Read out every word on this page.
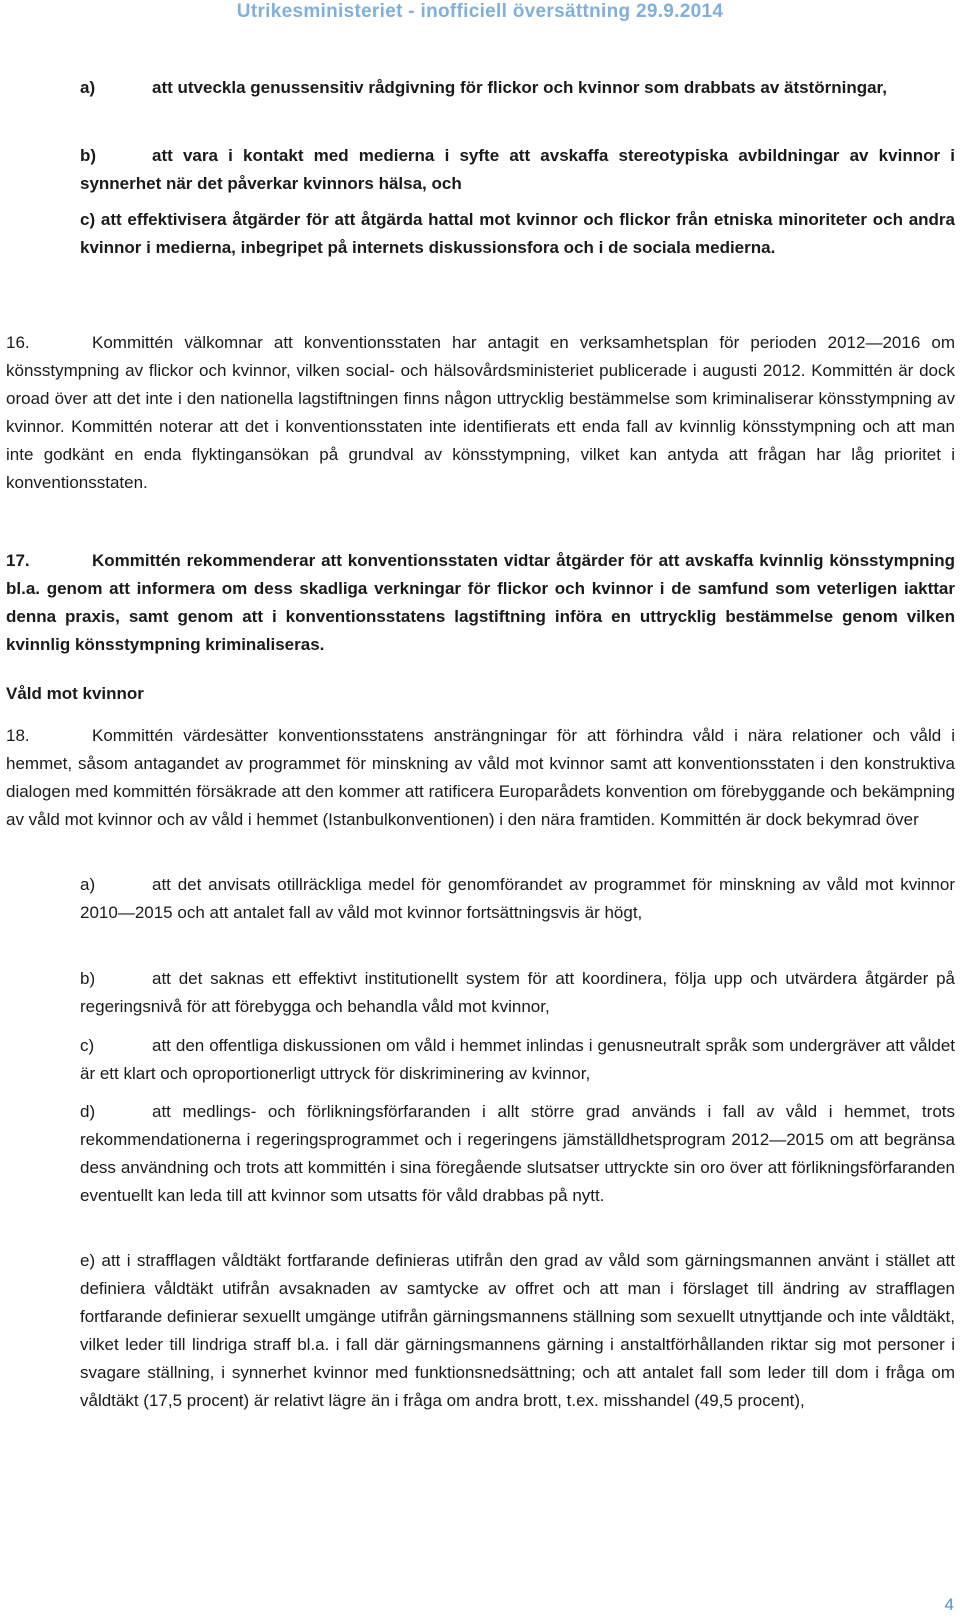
Utrikesministeriet - inofficiell översättning 29.9.2014
a)	att utveckla genussensitiv rådgivning för flickor och kvinnor som drabbats av ätstörningar,
b)	att vara i kontakt med medierna i syfte att avskaffa stereotypiska avbildningar av kvinnor i synnerhet när det påverkar kvinnors hälsa, och
c) att effektivisera åtgärder för att åtgärda hattal mot kvinnor och flickor från etniska minoriteter och andra kvinnor i medierna, inbegripet på internets diskussionsfora och i de sociala medierna.
16.	Kommittén välkomnar att konventionsstaten har antagit en verksamhetsplan för perioden 2012—2016 om könsstympning av flickor och kvinnor, vilken social- och hälsovårdsministeriet publicerade i augusti 2012. Kommittén är dock oroad över att det inte i den nationella lagstiftningen finns någon uttrycklig bestämmelse som kriminaliserar könsstympning av kvinnor. Kommittén noterar att det i konventionsstaten inte identifierats ett enda fall av kvinnlig könsstympning och att man inte godkänt en enda flyktingansökan på grundval av könsstympning, vilket kan antyda att frågan har låg prioritet i konventionsstaten.
17.	Kommittén rekommenderar att konventionsstaten vidtar åtgärder för att avskaffa kvinnlig könsstympning bl.a. genom att informera om dess skadliga verkningar för flickor och kvinnor i de samfund som veterligen iakttar denna praxis, samt genom att i konventionsstatens lagstiftning införa en uttrycklig bestämmelse genom vilken kvinnlig könsstympning kriminaliseras.
Våld mot kvinnor
18.	Kommittén värdesätter konventionsstatens ansträngningar för att förhindra våld i nära relationer och våld i hemmet, såsom antagandet av programmet för minskning av våld mot kvinnor samt att konventionsstaten i den konstruktiva dialogen med kommittén försäkrade att den kommer att ratificera Europarådets konvention om förebyggande och bekämpning av våld mot kvinnor och av våld i hemmet (Istanbulkonventionen) i den nära framtiden. Kommittén är dock bekymrad över
a)	att det anvisats otillräckliga medel för genomförandet av programmet för minskning av våld mot kvinnor 2010—2015 och att antalet fall av våld mot kvinnor fortsättningsvis är högt,
b)	att det saknas ett effektivt institutionellt system för att koordinera, följa upp och utvärdera åtgärder på regeringsnivå för att förebygga och behandla våld mot kvinnor,
c)	att den offentliga diskussionen om våld i hemmet inlindas i genusneutralt språk som undergräver att våldet är ett klart och oproportionerligt uttryck för diskriminering av kvinnor,
d)	att medlings- och förlikningsförfaranden i allt större grad används i fall av våld i hemmet, trots rekommendationerna i regeringsprogrammet och i regeringens jämställdhetsprogram 2012—2015 om att begränsa dess användning och trots att kommittén i sina föregående slutsatser uttryckte sin oro över att förlikningsförfaranden eventuellt kan leda till att kvinnor som utsatts för våld drabbas på nytt.
e) att i strafflagen våldtäkt fortfarande definieras utifrån den grad av våld som gärningsmannen använt i stället att definiera våldtäkt utifrån avsaknaden av samtycke av offret och att man i förslaget till ändring av strafflagen fortfarande definierar sexuellt umgänge utifrån gärningsmannens ställning som sexuellt utnyttjande och inte våldtäkt, vilket leder till lindriga straff bl.a. i fall där gärningsmannens gärning i anstaltförhållanden riktar sig mot personer i svagare ställning, i synnerhet kvinnor med funktionsnedsättning; och att antalet fall som leder till dom i fråga om våldtäkt (17,5 procent) är relativt lägre än i fråga om andra brott, t.ex. misshandel (49,5 procent),
4
